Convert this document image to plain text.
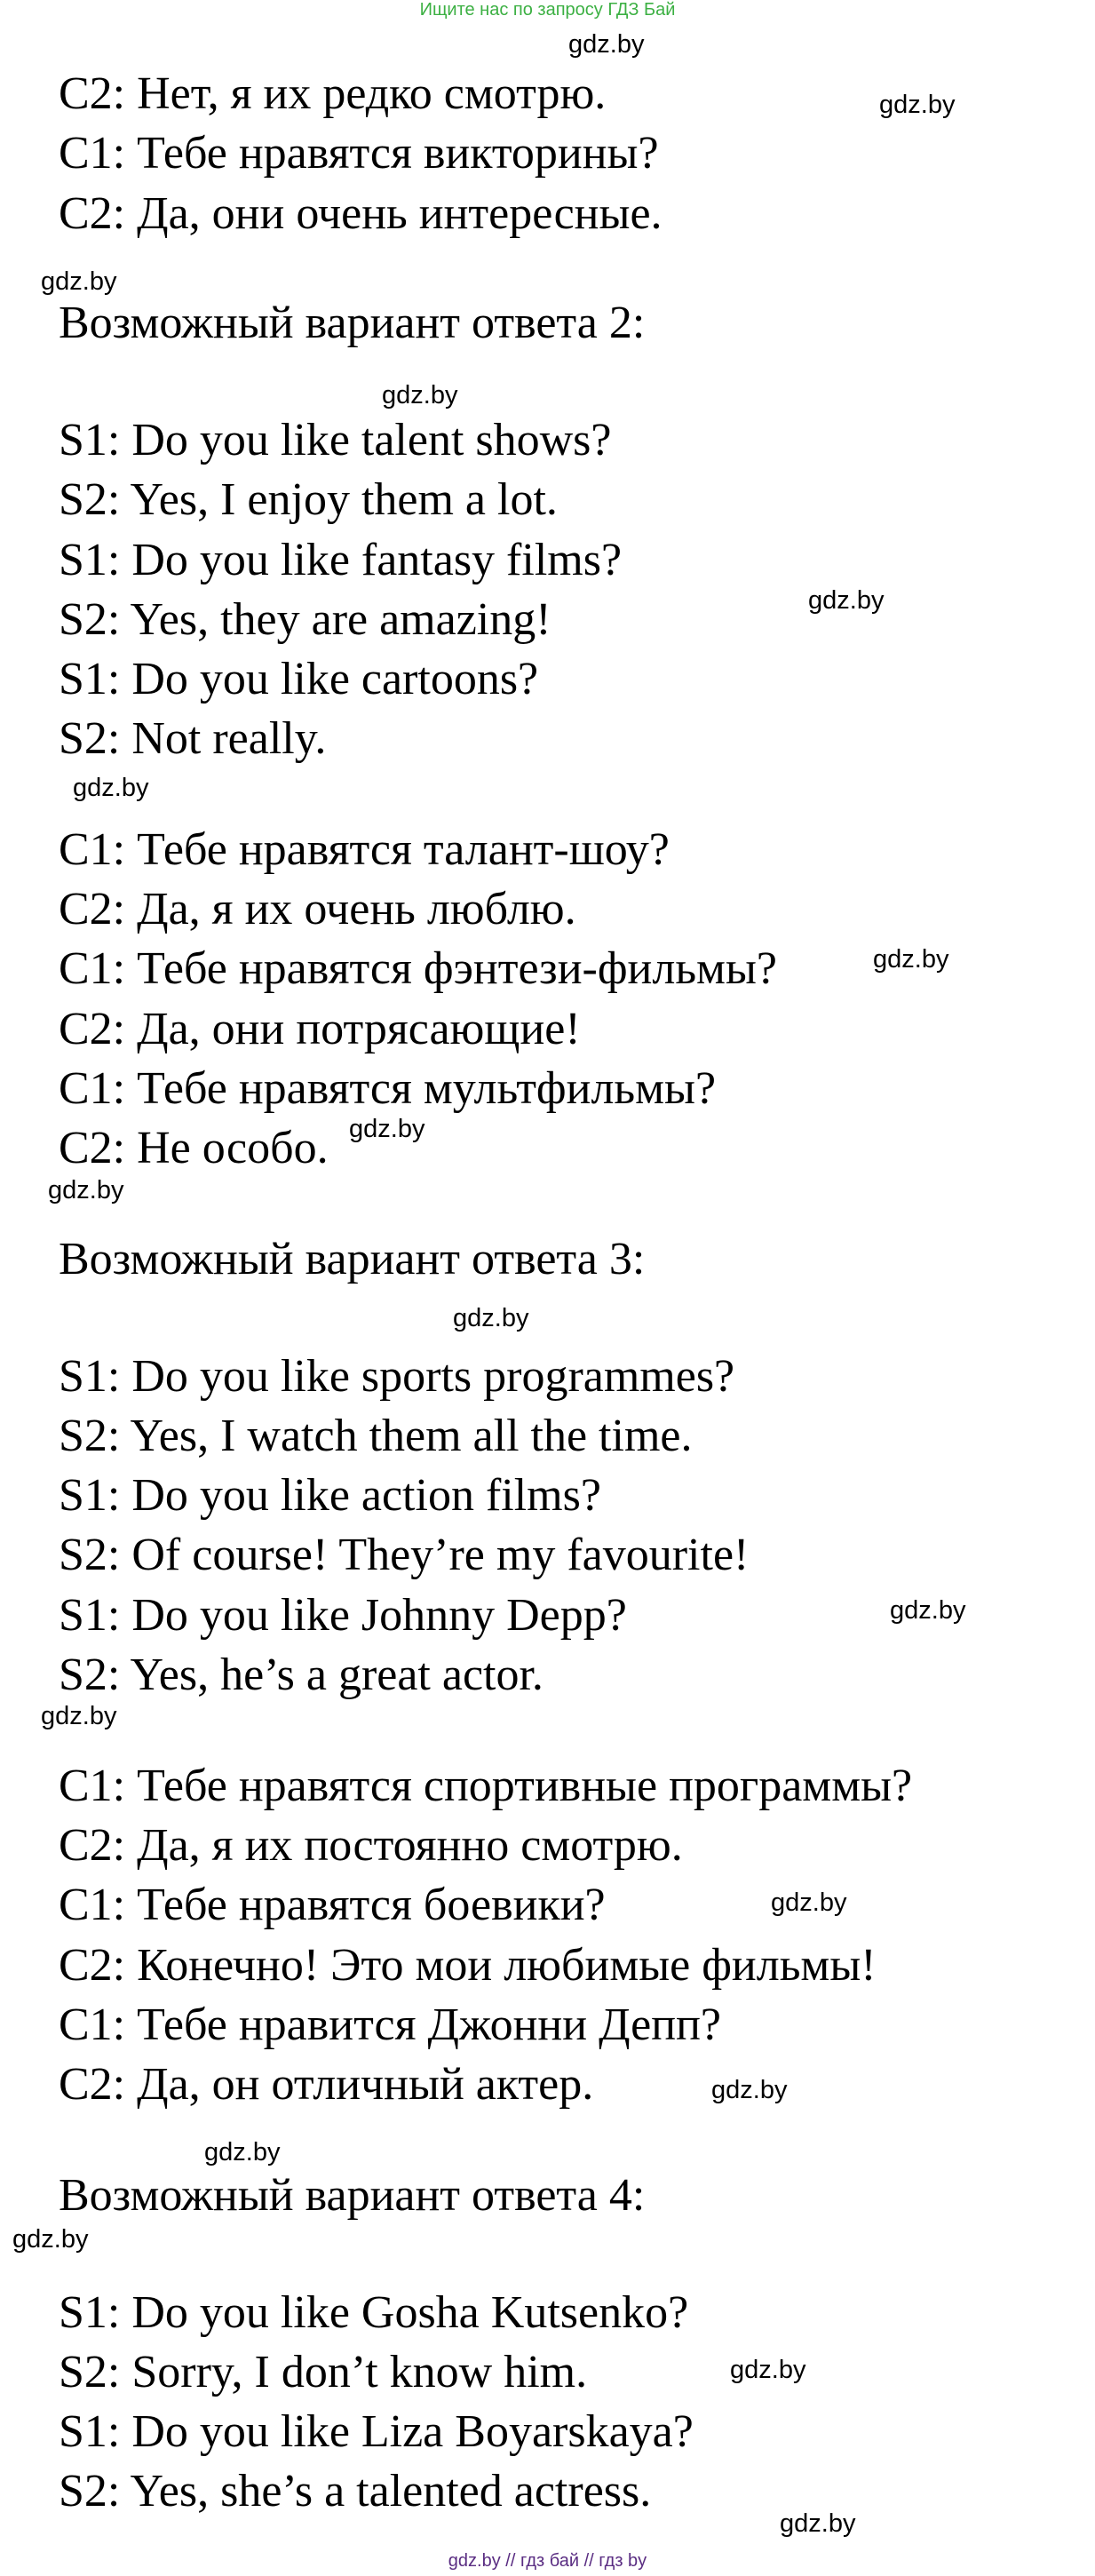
Ищите нас по запросу ГДЗ Бай
С2: Нет, я их редко смотрю.
С1: Тебе нравятся викторины?
С2: Да, они очень интересные.
Возможный вариант ответа 2:
S1: Do you like talent shows?
S2: Yes, I enjoy them a lot.
S1: Do you like fantasy films?
S2: Yes, they are amazing!
S1: Do you like cartoons?
S2: Not really.
С1: Тебе нравятся талант-шоу?
С2: Да, я их очень люблю.
С1: Тебе нравятся фэнтези-фильмы?
С2: Да, они потрясающие!
С1: Тебе нравятся мультфильмы?
С2: Не особо.
Возможный вариант ответа 3:
S1: Do you like sports programmes?
S2: Yes, I watch them all the time.
S1: Do you like action films?
S2: Of course! They’re my favourite!
S1: Do you like Johnny Depp?
S2: Yes, he’s a great actor.
С1: Тебе нравятся спортивные программы?
С2: Да, я их постоянно смотрю.
С1: Тебе нравятся боевики?
С2: Конечно! Это мои любимые фильмы!
С1: Тебе нравится Джонни Депп?
С2: Да, он отличный актер.
Возможный вариант ответа 4:
S1: Do you like Gosha Kutsenko?
S2: Sorry, I don’t know him.
S1: Do you like Liza Boyarskaya?
S2: Yes, she’s a talented actress.
gdz.by
gdz.by
gdz.by
gdz.by
gdz.by
gdz.by
gdz.by
gdz.by
gdz.by
gdz.by
gdz.by
gdz.by
gdz.by
gdz.by
gdz.by
gdz.by
gdz.by
gdz.by
gdz.by // гдз бай // гдз by
